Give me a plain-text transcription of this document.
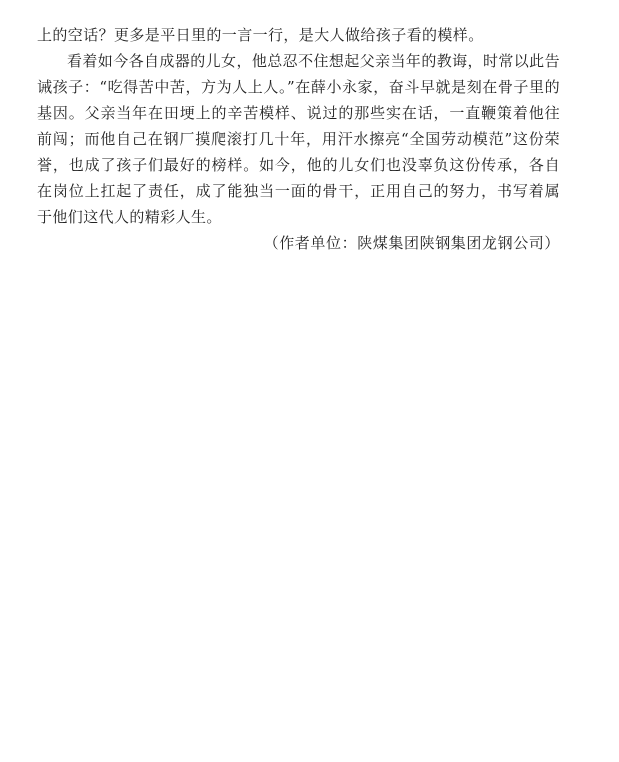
上的空话？更多是平日里的一言一行，是大人做给孩子看的模样。

看着如今各自成器的儿女，他总忍不住想起父亲当年的教诲，时常以此告诫孩子：“吃得苦中苦，方为人上人。”在薛小永家，奋斗早就是刻在骨子里的基因。父亲当年在田埂上的辛苦模样、说过的那些实在话，一直鞭策着他往前闯；而他自己在钢厂摸爬滚打几十年，用汗水擦亮“全国劳动模范”这份荣誉，也成了孩子们最好的榜样。如今，他的儿女们也没辜负这份传承，各自在岗位上扛起了责任，成了能独当一面的骨干，正用自己的努力，书写着属于他们这代人的精彩人生。

（作者单位：陕煤集团陕钢集团龙钢公司）
